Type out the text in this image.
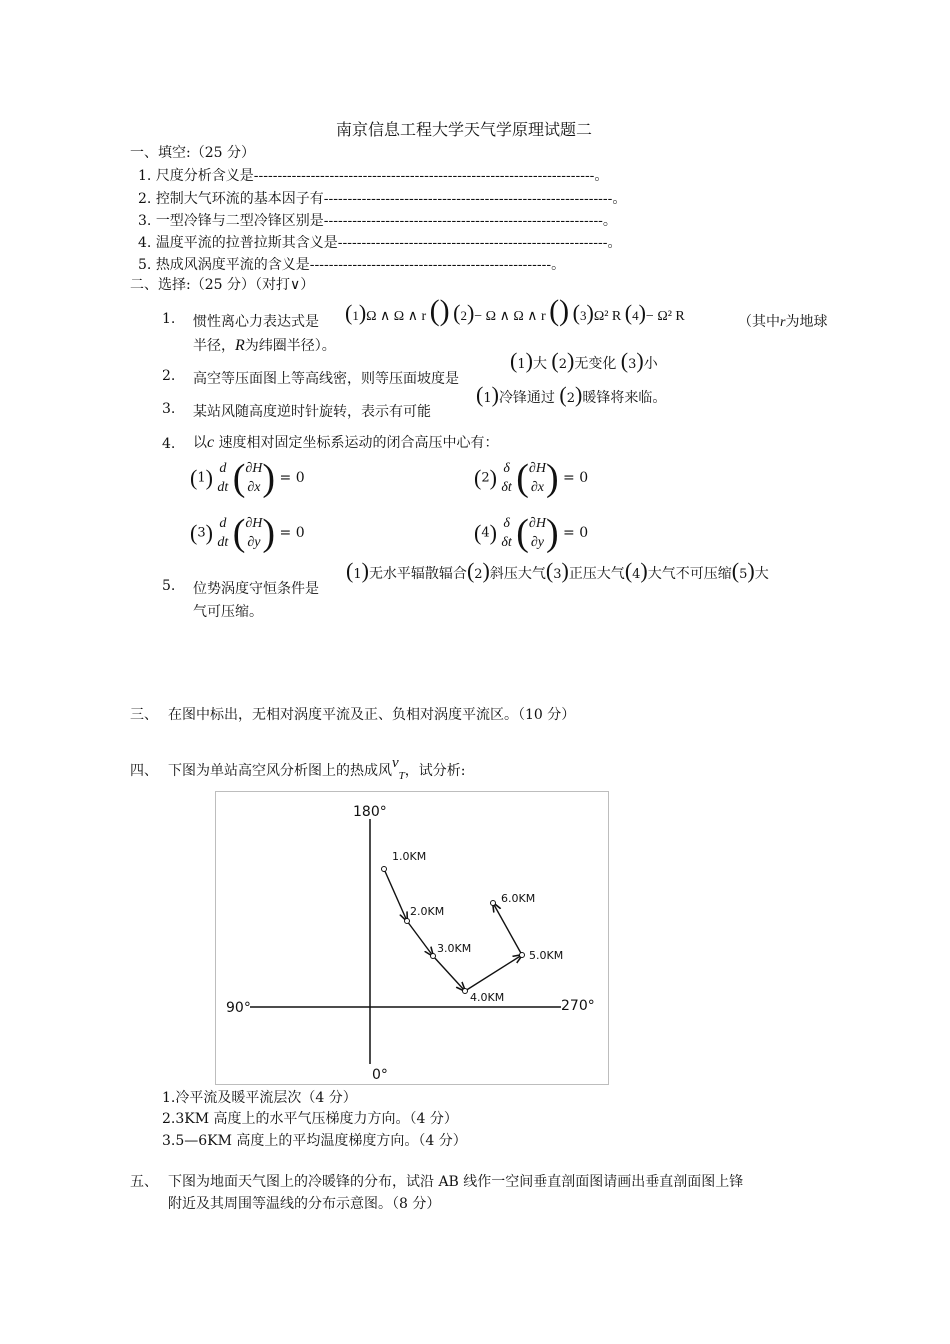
南京信息工程大学天气学原理试题二
一、填空:（25 分）
1. 尺度分析含义是------------------------------------------------------------------------。
2. 控制大气环流的基本因子有-------------------------------------------------------------。
3. 一型冷锋与二型冷锋区别是-----------------------------------------------------------。
4. 温度平流的拉普拉斯其含义是---------------------------------------------------------。
5. 热成风涡度平流的含义是---------------------------------------------------。
二、选择:（25 分）（对打∨）
1. 惯性离心力表达式是 (1)Ω ∧ Ω ∧ r () (2)− Ω ∧ Ω ∧ r () (3)Ω² R (4)− Ω² R	（其中r为地球
半径，R为纬圈半径）。
2. 高空等压面图上等高线密，则等压面坡度是
(1)大 (2)无变化 (3)小
3. 某站风随高度逆时针旋转，表示有可能
(1)冷锋通过 (2)暖锋将来临。
4. 以c 速度相对固定坐标系运动的闭合高压中心有：
(1) d
dt ( ∂H
∂x ) = 0	(2) δ
δt ( ∂H
∂x ) = 0
(3) d
dt ( ∂H
∂y ) = 0	(4) δ
δt ( ∂H
∂y ) = 0
5. 位势涡度守恒条件是
(1)无水平辐散辐合(2)斜压大气(3)正压大气(4)大气不可压缩(5)大
气可压缩。
三、 在图中标出，无相对涡度平流及正、负相对涡度平流区。（10 分）
四、 下图为单站高空风分析图上的热成风$v_T$，试分析:
180°
0°
90°	270°
1.0KM
2.0KM
3.0KM
4.0KM
5.0KM
6.0KM
1.冷平流及暖平流层次（4 分）
2.3KM 高度上的水平气压梯度力方向。（4 分）
3.5—6KM 高度上的平均温度梯度方向。（4 分）
五、 下图为地面天气图上的冷暖锋的分布，试沿 AB 线作一空间垂直剖面图请画出垂直剖面图上锋
附近及其周围等温线的分布示意图。（8 分）
